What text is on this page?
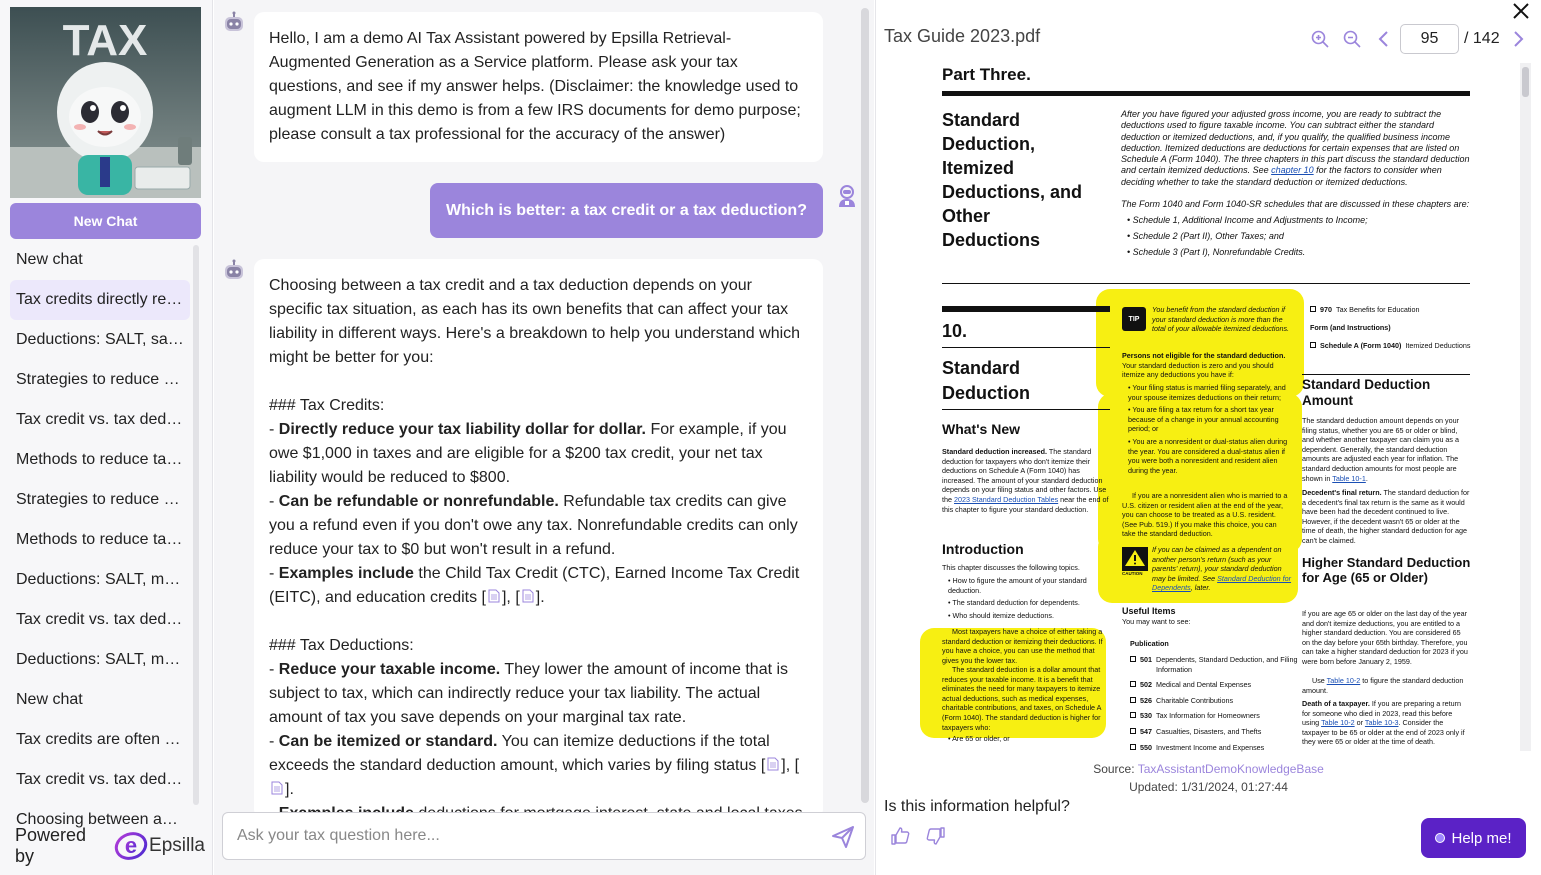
TAX
New Chat
New chat
Tax credits directly re…
Deductions: SALT, sa…
Strategies to reduce …
Tax credit vs. tax ded…
Methods to reduce ta…
Strategies to reduce …
Methods to reduce ta…
Deductions: SALT, m…
Tax credit vs. tax ded…
Deductions: SALT, m…
New chat
Tax credits are often …
Tax credit vs. tax ded…
Choosing between a…
Powered by	e Epsilla
Hello, I am a demo AI Tax Assistant powered by Epsilla Retrieval-Augmented Generation as a Service platform. Please ask your tax questions, and see if my answer helps. (Disclaimer: the knowledge used to augment LLM in this demo is from a few IRS documents for demo purpose; please consult a tax professional for the accuracy of the answer)
Which is better: a tax credit or a tax deduction?

Choosing between a tax credit and a tax deduction depends on your specific tax situation, as each has its own benefits that can affect your tax liability in different ways. Here's a breakdown to help you understand which might be better for you:

### Tax Credits:

- Directly reduce your tax liability dollar for dollar. For example, if you owe $1,000 in taxes and are eligible for a $200 tax credit, your net tax liability would be reduced to $800.

- Can be refundable or nonrefundable. Refundable tax credits can give you a refund even if you don't owe any tax. Nonrefundable credits can only reduce your tax to $0 but won't result in a refund.

- Examples include the Child Tax Credit (CTC), Earned Income Tax Credit (EITC), and education credits [ ], [ ].

### Tax Deductions:

- Reduce your taxable income. They lower the amount of income that is subject to tax, which can indirectly reduce your tax liability. The actual amount of tax you save depends on your marginal tax rate.

- Can be itemized or standard. You can itemize deductions if the total exceeds the standard deduction amount, which varies by filing status [ ], [].

Ask your tax question here...
Tax Guide 2023.pdf
95	/ 142
Part Three.
Standard
Deduction,
Itemized
Deductions, and
Other
Deductions
After you have figured your adjusted gross income, you are ready to subtract the deductions used to figure taxable income. You can subtract either the standard deduction or itemized deductions, and, if you qualify, the qualified business income deduction. Itemized deductions are deductions for certain expenses that are listed on Schedule A (Form 1040). The three chapters in this part discuss the standard deduction and certain itemized deductions. See chapter 10 for the factors to consider when deciding whether to take the standard deduction or itemized deductions.

The Form 1040 and Form 1040-SR schedules that are discussed in these chapters are:
• Schedule 1, Additional Income and Adjustments to Income;
• Schedule 2 (Part II), Other Taxes; and
• Schedule 3 (Part I), Nonrefundable Credits.
10.
Standard
Deduction
What's New
Standard deduction increased. The standard deduction for taxpayers who don't itemize their deductions on Schedule A (Form 1040) has increased. The amount of your standard deduction depends on your filing status and other factors. Use the 2023 Standard Deduction Tables near the end of this chapter to figure your standard deduction.
Introduction
This chapter discusses the following topics.
• How to figure the amount of your standard deduction.
• The standard deduction for dependents.
• Who should itemize deductions.
Most taxpayers have a choice of either taking a standard deduction or itemizing their deductions. If you have a choice, you can use the method that gives you the lower tax.
The standard deduction is a dollar amount that reduces your taxable income. It is a benefit that eliminates the need for many taxpayers to itemize actual deductions, such as medical expenses, charitable contributions, and taxes, on Schedule A (Form 1040). The standard deduction is higher for taxpayers who:
• Are 65 or older, or
TIP
You benefit from the standard deduction if your standard deduction is more than the total of your allowable itemized deductions.
Persons not eligible for the standard deduction. Your standard deduction is zero and you should itemize any deductions you have if:
• Your filing status is married filing separately, and your spouse itemizes deductions on their return;
• You are filing a tax return for a short tax year because of a change in your annual accounting period; or
• You are a nonresident or dual-status alien during the year. You are considered a dual-status alien if you were both a nonresident and resident alien during the year.
If you are a nonresident alien who is married to a U.S. citizen or resident alien at the end of the year, you can choose to be treated as a U.S. resident. (See Pub. 519.) If you make this choice, you can take the standard deduction.
CAUTION
If you can be claimed as a dependent on another person's return (such as your parents' return), your standard deduction may be limited. See Standard Deduction for Dependents, later.
Useful Items
You may want to see:
Publication
501 Dependents, Standard Deduction, and Filing Information
502 Medical and Dental Expenses
526 Charitable Contributions
530 Tax Information for Homeowners
547 Casualties, Disasters, and Thefts
550 Investment Income and Expenses
970 Tax Benefits for Education
Form (and Instructions)
Schedule A (Form 1040) Itemized Deductions
Standard Deduction Amount
The standard deduction amount depends on your filing status, whether you are 65 or older or blind, and whether another taxpayer can claim you as a dependent. Generally, the standard deduction amounts are adjusted each year for inflation. The standard deduction amounts for most people are shown in Table 10-1.
Decedent's final return. The standard deduction for a decedent's final tax return is the same as it would have been had the decedent continued to live. However, if the decedent wasn't 65 or older at the time of death, the higher standard deduction for age can't be claimed.
Higher Standard Deduction for Age (65 or Older)
If you are age 65 or older on the last day of the year and don't itemize deductions, you are entitled to a higher standard deduction. You are considered 65 on the day before your 65th birthday. Therefore, you can take a higher standard deduction for 2023 if you were born before January 2, 1959.
Use Table 10-2 to figure the standard deduction amount.
Death of a taxpayer. If you are preparing a return for someone who died in 2023, read this before using Table 10-2 or Table 10-3. Consider the taxpayer to be 65 or older at the end of 2023 only if they were 65 or older at the time of death.
Source: TaxAssistantDemoKnowledgeBase
Updated: 1/31/2024, 01:27:44
Is this information helpful?
Help me!
